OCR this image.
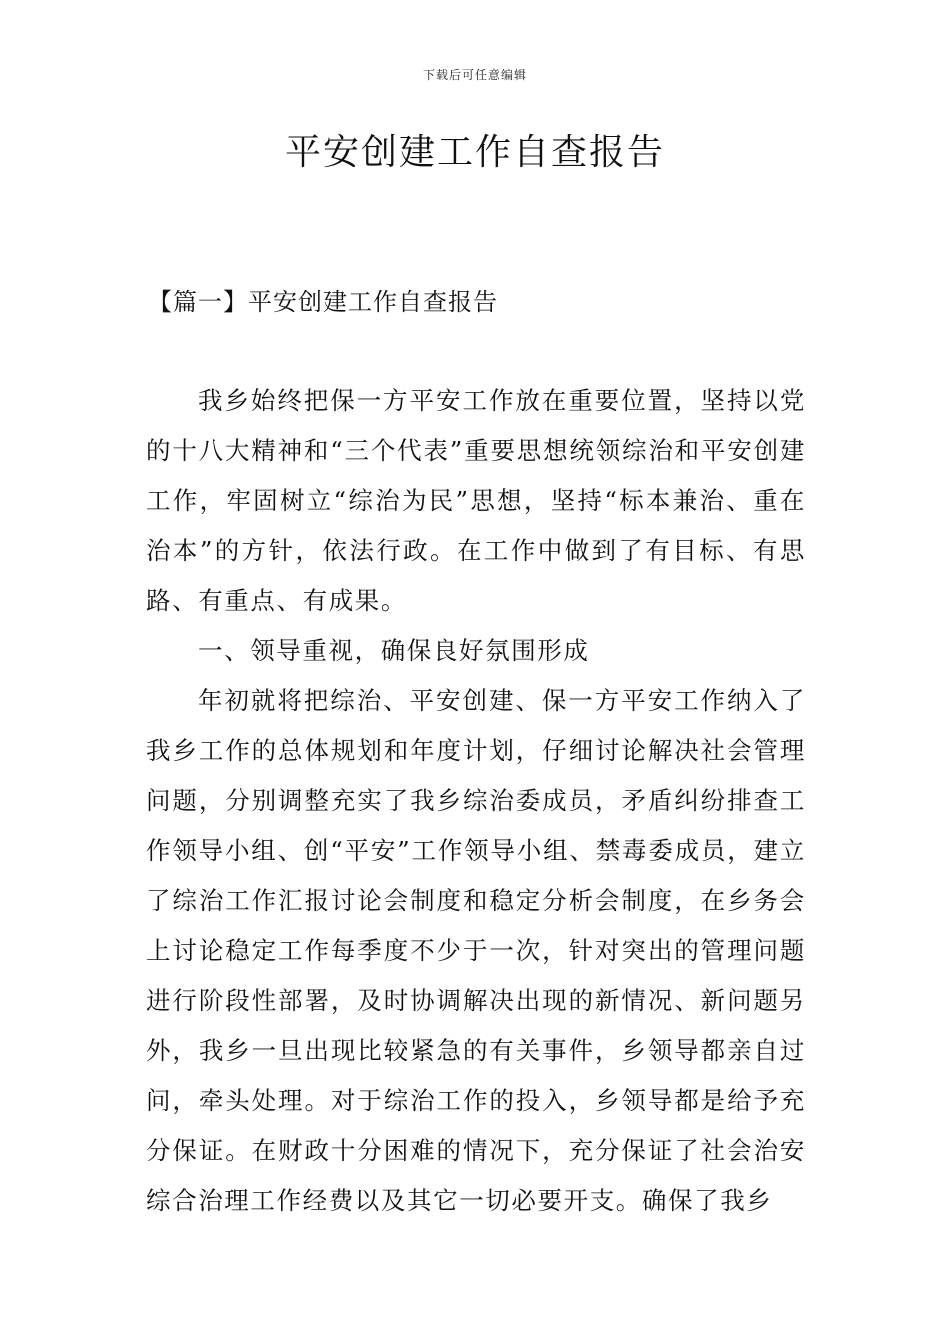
下载后可任意编辑
平安创建工作自查报告
【篇一】平安创建工作自查报告

我乡始终把保一方平安工作放在重要位置，坚持以党的十八大精神和“三个代表”重要思想统领综治和平安创建工作，牢固树立“综治为民”思想，坚持“标本兼治、重在治本”的方针，依法行政。在工作中做到了有目标、有思路、有重点、有成果。

一、领导重视，确保良好氛围形成

年初就将把综治、平安创建、保一方平安工作纳入了我乡工作的总体规划和年度计划，仔细讨论解决社会管理问题，分别调整充实了我乡综治委成员，矛盾纠纷排查工作领导小组、创“平安”工作领导小组、禁毒委成员，建立了综治工作汇报讨论会制度和稳定分析会制度，在乡务会上讨论稳定工作每季度不少于一次，针对突出的管理问题进行阶段性部署，及时协调解决出现的新情况、新问题另外，我乡一旦出现比较紧急的有关事件，乡领导都亲自过问，牵头处理。对于综治工作的投入，乡领导都是给予充分保证。在财政十分困难的情况下，充分保证了社会治安综合治理工作经费以及其它一切必要开支。确保了我乡
